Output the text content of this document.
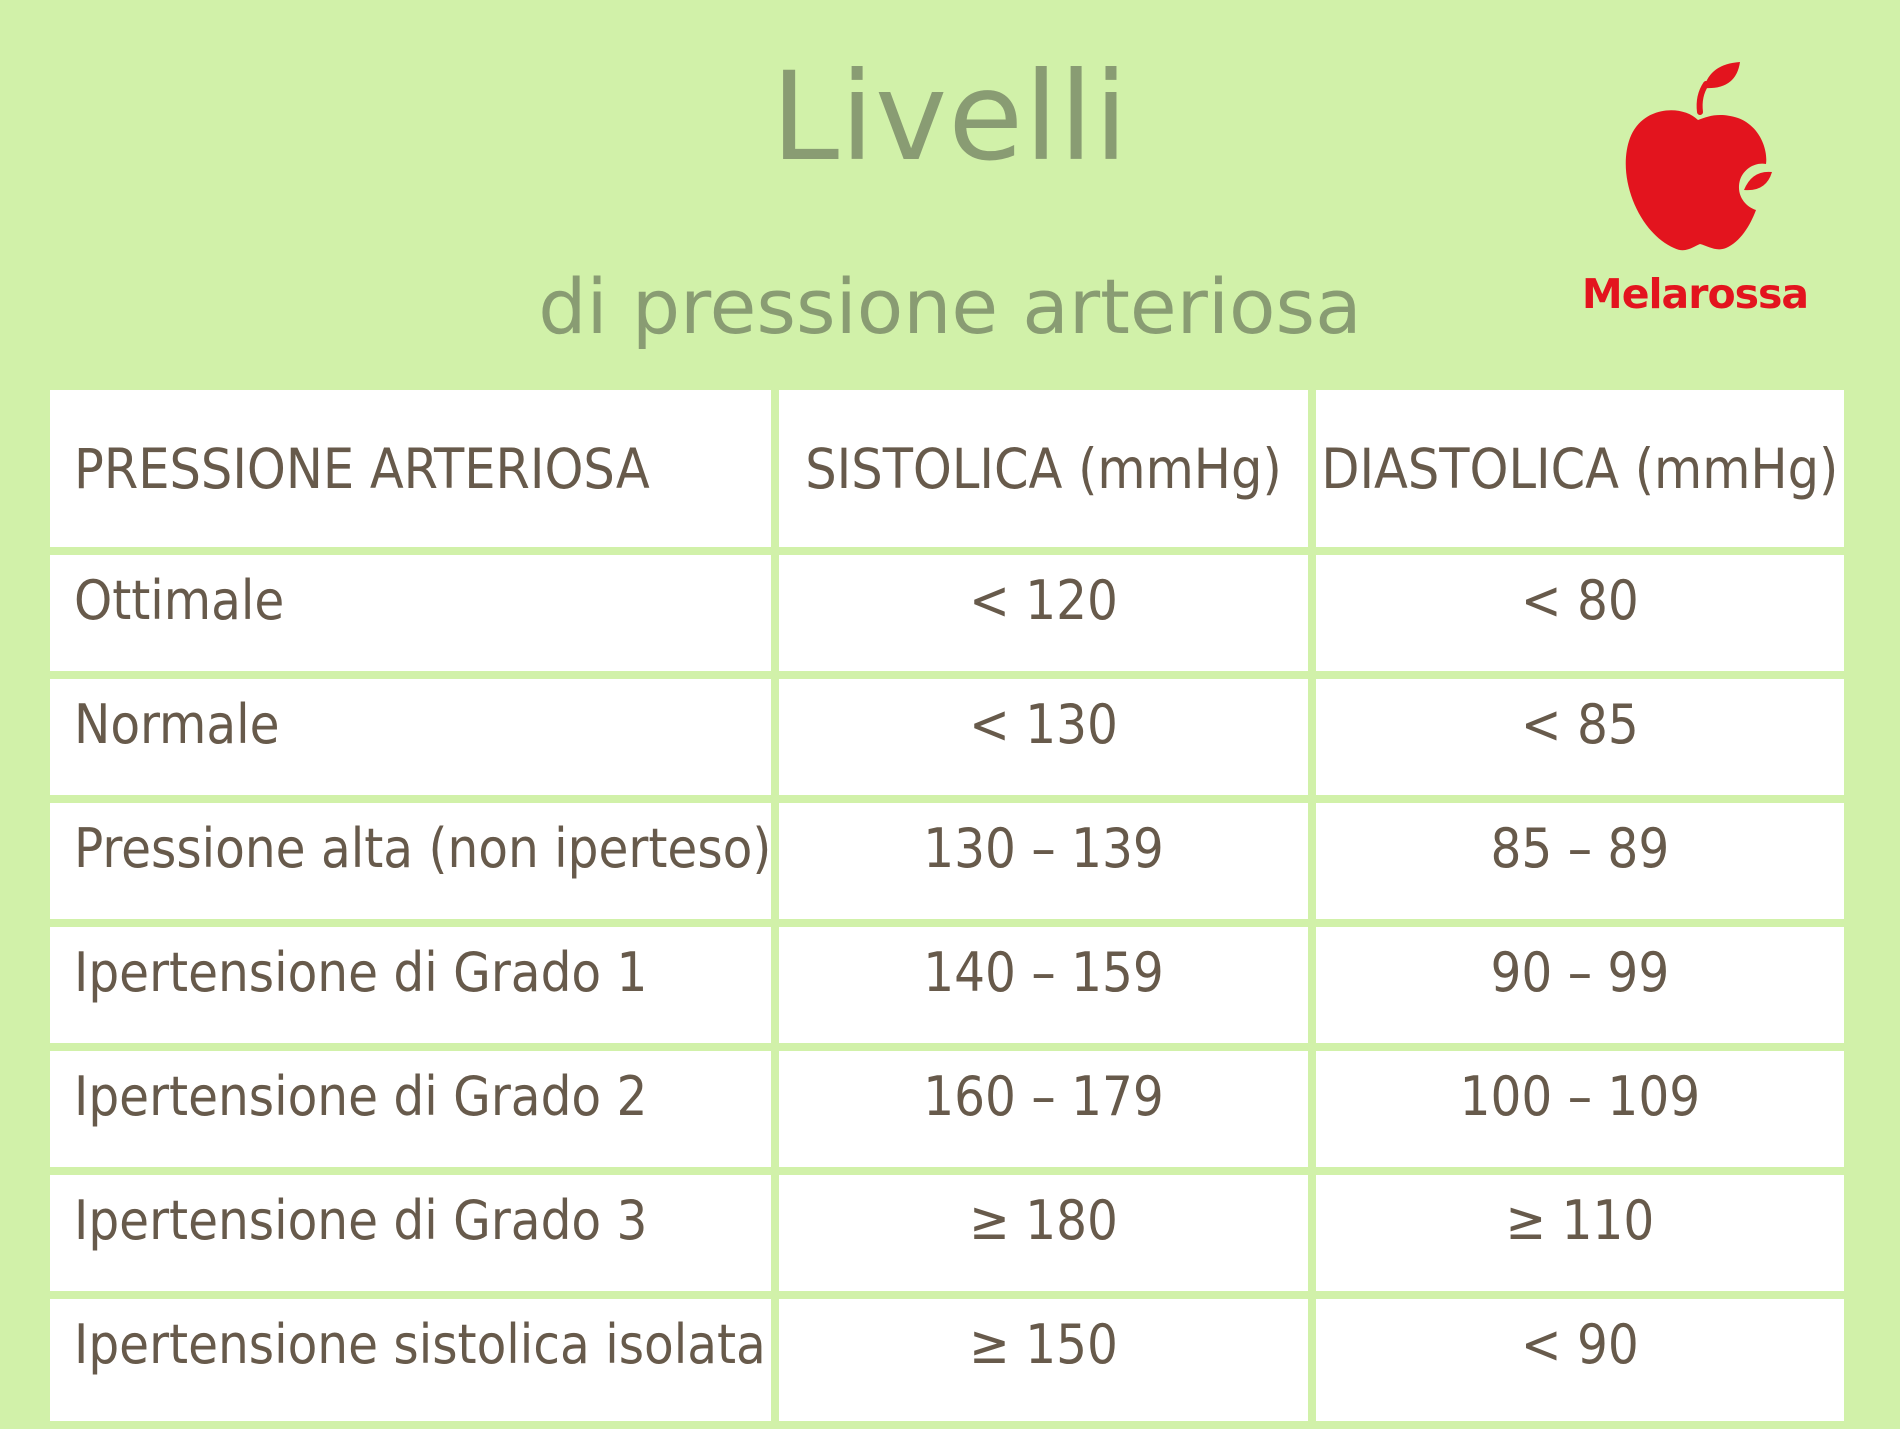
Livelli
di pressione arteriosa	Melarossa
PRESSIONE ARTERIOSA	SISTOLICA (mmHg)	DIASTOLICA (mmHg)
Ottimale	< 120	< 80
Normale	< 130	< 85
Pressione alta (non iperteso)	130 – 139	85 – 89
Ipertensione di Grado 1	140 – 159	90 – 99
Ipertensione di Grado 2	160 – 179	100 – 109
Ipertensione di Grado 3	≥ 180	≥ 110
Ipertensione sistolica isolata	≥ 150	< 90
